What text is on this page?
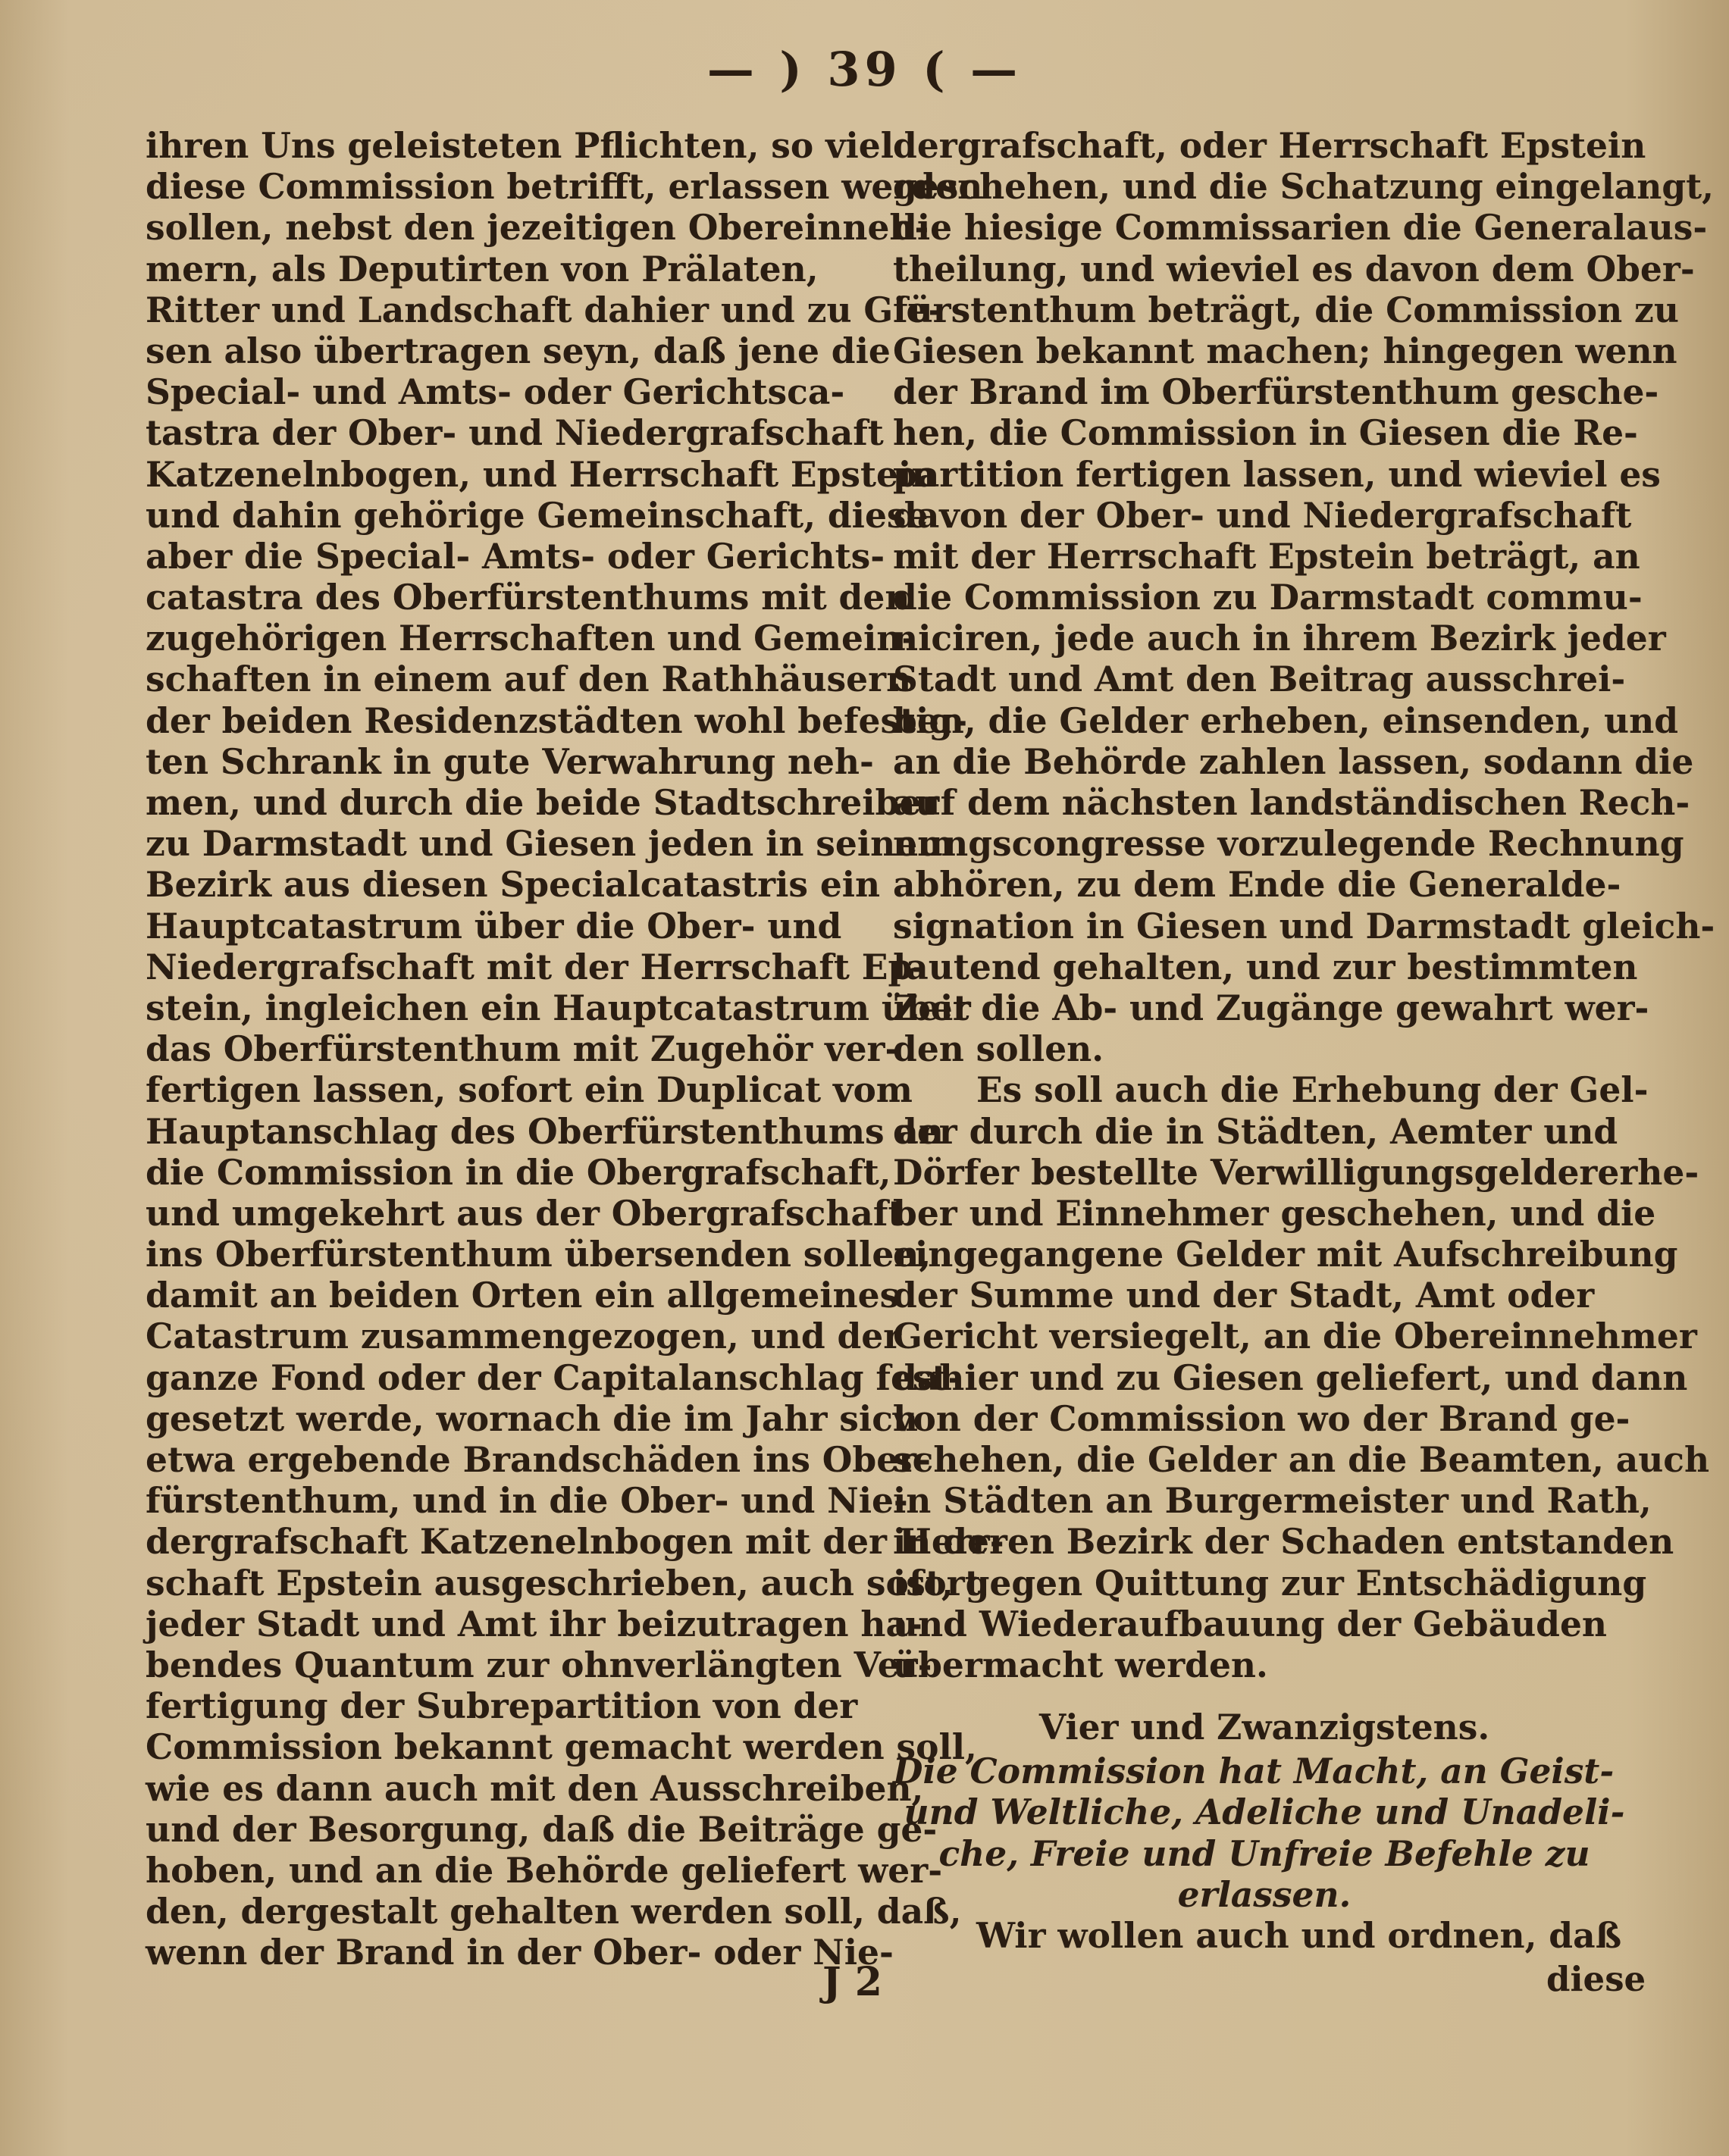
— ) 39 ( —
ihren Uns geleisteten Pflichten, so viel
diese Commission betrifft, erlassen werden
sollen, nebst den jezeitigen Obereinneh-
mern, als Deputirten von Prälaten,
Ritter und Landschaft dahier und zu Gie-
sen also übertragen seyn, daß jene die
Special- und Amts- oder Gerichtsca-
tastra der Ober- und Niedergrafschaft
Katzenelnbogen, und Herrschaft Epstein
und dahin gehörige Gemeinschaft, diese
aber die Special- Amts- oder Gerichts-
catastra des Oberfürstenthums mit den
zugehörigen Herrschaften und Gemein-
schaften in einem auf den Rathhäusern
der beiden Residenzstädten wohl befestig-
ten Schrank in gute Verwahrung neh-
men, und durch die beide Stadtschreiber
zu Darmstadt und Giesen jeden in seinem
Bezirk aus diesen Specialcatastris ein
Hauptcatastrum über die Ober- und
Niedergrafschaft mit der Herrschaft Ep-
stein, ingleichen ein Hauptcatastrum über
das Oberfürstenthum mit Zugehör ver-
fertigen lassen, sofort ein Duplicat vom
Hauptanschlag des Oberfürstenthums an
die Commission in die Obergrafschaft,
und umgekehrt aus der Obergrafschaft
ins Oberfürstenthum übersenden sollen,
damit an beiden Orten ein allgemeines
Catastrum zusammengezogen, und der
ganze Fond oder der Capitalanschlag fest-
gesetzt werde, wornach die im Jahr sich
etwa ergebende Brandschäden ins Ober-
fürstenthum, und in die Ober- und Nie-
dergrafschaft Katzenelnbogen mit der Herr-
schaft Epstein ausgeschrieben, auch sofort
jeder Stadt und Amt ihr beizutragen ha-
bendes Quantum zur ohnverlängten Ver-
fertigung der Subrepartition von der
Commission bekannt gemacht werden soll,
wie es dann auch mit den Ausschreiben,
und der Besorgung, daß die Beiträge ge-
hoben, und an die Behörde geliefert wer-
den, dergestalt gehalten werden soll, daß,
wenn der Brand in der Ober- oder Nie-
dergrafschaft, oder Herrschaft Epstein
geschehen, und die Schatzung eingelangt,
die hiesige Commissarien die Generalaus-
theilung, und wieviel es davon dem Ober-
fürstenthum beträgt, die Commission zu
Giesen bekannt machen; hingegen wenn
der Brand im Oberfürstenthum gesche-
hen, die Commission in Giesen die Re-
partition fertigen lassen, und wieviel es
davon der Ober- und Niedergrafschaft
mit der Herrschaft Epstein beträgt, an
die Commission zu Darmstadt commu-
niciren, jede auch in ihrem Bezirk jeder
Stadt und Amt den Beitrag ausschrei-
ben, die Gelder erheben, einsenden, und
an die Behörde zahlen lassen, sodann die
auf dem nächsten landständischen Rech-
nungscongresse vorzulegende Rechnung
abhören, zu dem Ende die Generalde-
signation in Giesen und Darmstadt gleich-
lautend gehalten, und zur bestimmten
Zeit die Ab- und Zugänge gewahrt wer-
den sollen.
Es soll auch die Erhebung der Gel-
der durch die in Städten, Aemter und
Dörfer bestellte Verwilligungsgeldererhe-
ber und Einnehmer geschehen, und die
eingegangene Gelder mit Aufschreibung
der Summe und der Stadt, Amt oder
Gericht versiegelt, an die Obereinnehmer
dahier und zu Giesen geliefert, und dann
von der Commission wo der Brand ge-
schehen, die Gelder an die Beamten, auch
in Städten an Burgermeister und Rath,
in deren Bezirk der Schaden entstanden
ist, gegen Quittung zur Entschädigung
und Wiederaufbauung der Gebäuden
übermacht werden.
Vier und Zwanzigstens.
Die Commission hat Macht, an Geist-
und Weltliche, Adeliche und Unadeli-
che, Freie und Unfreie Befehle zu
erlassen.
Wir wollen auch und ordnen, daß
J 2	diese
